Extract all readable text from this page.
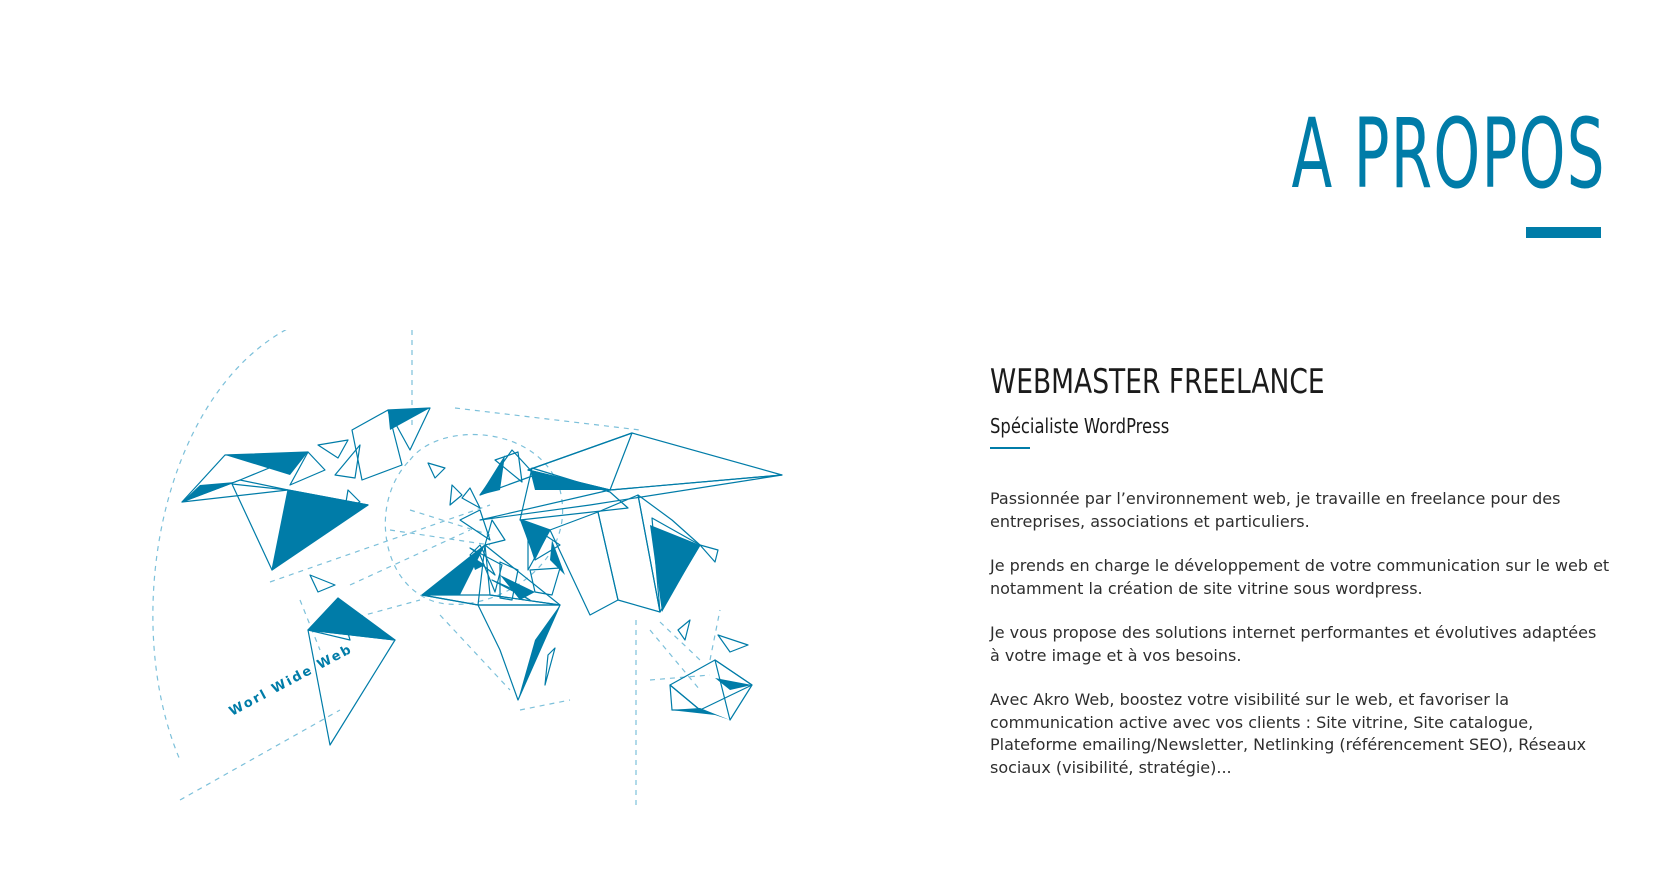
A PROPOS
Worl Wide Web
WEBMASTER FREELANCE
Spécialiste WordPress

Passionnée par l’environnement web, je travaille en freelance pour des entreprises, associations et particuliers.

Je prends en charge le développement de votre communication sur le web et notamment la création de site vitrine sous wordpress.

Je vous propose des solutions internet performantes et évolutives adaptées à votre image et à vos besoins.

Avec Akro Web, boostez votre visibilité sur le web, et favoriser la communication active avec vos clients : Site vitrine, Site catalogue, Plateforme emailing/Newsletter, Netlinking (référencement SEO), Réseaux sociaux (visibilité, stratégie)...
